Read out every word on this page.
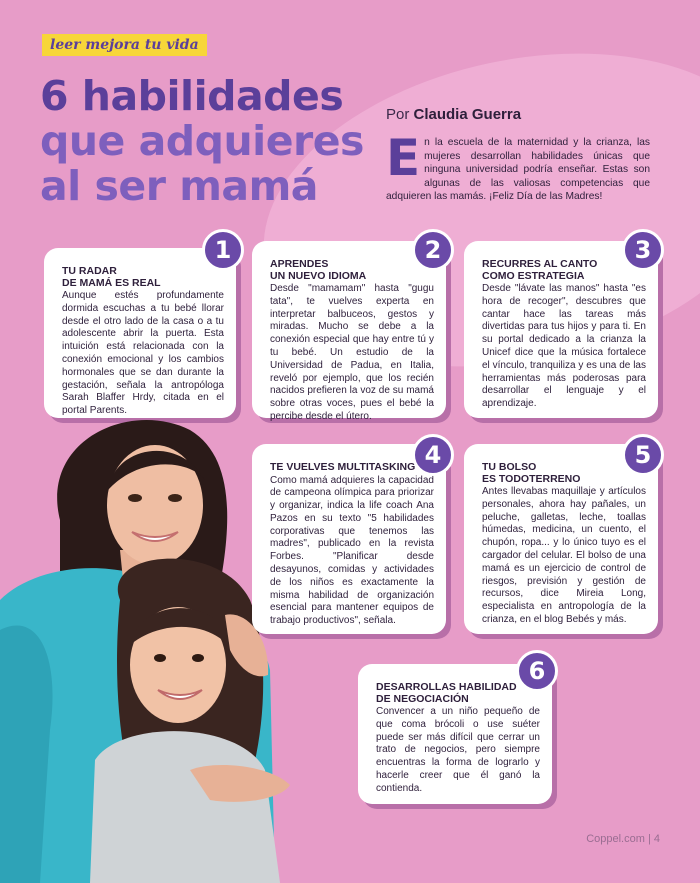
leer mejora tu vida
6 habilidades
que adquieres
al ser mamá
Por Claudia Guerra
En la escuela de la maternidad y la crianza, las mujeres desarrollan habilidades únicas que ninguna universidad podría enseñar. Estas son algunas de las valiosas competencias que adquieren las mamás. ¡Feliz Día de las Madres!
TU RADAR
DE MAMÁ ES REAL

Aunque estés profundamente dormida escuchas a tu bebé llorar desde el otro lado de la casa o a tu adolescente abrir la puerta. Esta intuición está relacionada con la conexión emocional y los cambios hormonales que se dan durante la gestación, señala la antropóloga Sarah Blaffer Hrdy, citada en el portal Parents.

1	APRENDES
UN NUEVO IDIOMA

Desde "mamamam" hasta "gugu tata", te vuelves experta en interpretar balbuceos, gestos y miradas. Mucho se debe a la conexión especial que hay entre tú y tu bebé. Un estudio de la Universidad de Padua, en Italia, reveló por ejemplo, que los recién nacidos prefieren la voz de su mamá sobre otras voces, pues el bebé la percibe desde el útero.

2	RECURRES AL CANTO
COMO ESTRATEGIA

Desde "lávate las manos" hasta "es hora de recoger", descubres que cantar hace las tareas más divertidas para tus hijos y para ti. En su portal dedicado a la crianza la Unicef dice que la música fortalece el vínculo, tranquiliza y es una de las herramientas más poderosas para desarrollar el lenguaje y el aprendizaje.

3
TE VUELVES MULTITASKING

Como mamá adquieres la capacidad de campeona olímpica para priorizar y organizar, indica la life coach Ana Pazos en su texto "5 habilidades corporativas que tenemos las madres", publicado en la revista Forbes. "Planificar desde desayunos, comidas y actividades de los niños es exactamente la misma habilidad de organización esencial para mantener equipos de trabajo productivos", señala.

4	TU BOLSO
ES TODOTERRENO

Antes llevabas maquillaje y artículos personales, ahora hay pañales, un peluche, galletas, leche, toallas húmedas, medicina, un cuento, el chupón, ropa... y lo único tuyo es el cargador del celular. El bolso de una mamá es un ejercicio de control de riesgos, previsión y gestión de recursos, dice Mireia Long, especialista en antropología de la crianza, en el blog Bebés y más.

5
DESARROLLAS HABILIDAD
DE NEGOCIACIÓN

Convencer a un niño pequeño de que coma brócoli o use suéter puede ser más difícil que cerrar un trato de negocios, pero siempre encuentras la forma de lograrlo y hacerle creer que él ganó la contienda.

6
Coppel.com | 4
